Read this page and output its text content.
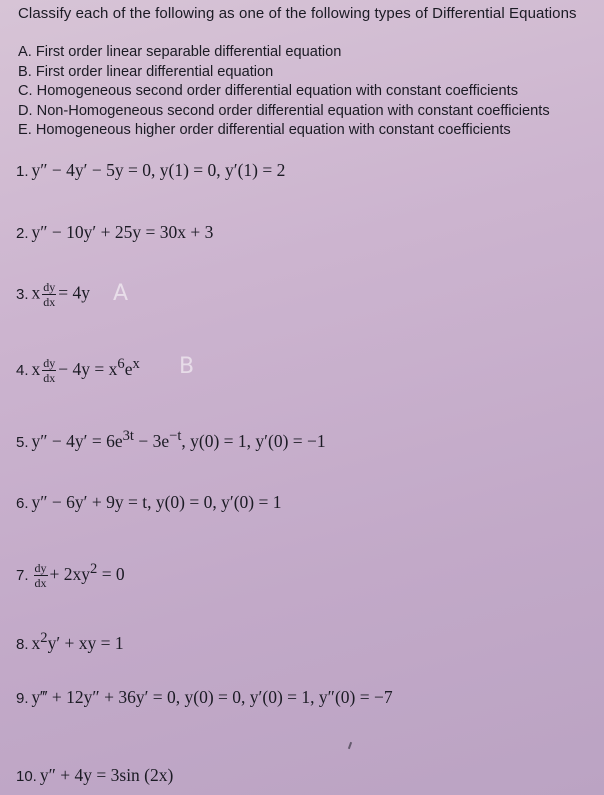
Classify each of the following as one of the following types of Differential Equations
A. First order linear separable differential equation
B. First order linear differential equation
C. Homogeneous second order differential equation with constant coefficients
D. Non-Homogeneous second order differential equation with constant coefficients
E. Homogeneous higher order differential equation with constant coefficients
1. y″ − 4y′ − 5y = 0, y(1) = 0, y′(1) = 2
2. y″ − 10y′ + 25y = 30x + 3
3. x $\frac{dy}{dx} = 4y$ A
4. x $\frac{dy}{dx} - 4y = x^6e^x$ B
5. $y'' - 4y' = 6e^{3t} - 3e^{-t}$, y(0) = 1, y′(0) = −1
6. y″ − 6y′ + 9y = t, y(0) = 0, y′(0) = 1
7. $\frac{dy}{dx} + 2xy^2 = 0$
8. $x^2y'$ + xy = 1
9. y‴ + 12y″ + 36y′ = 0, y(0) = 0, y′(0) = 1, y″(0) = −7
10. y″ + 4y = 3sin (2x)
